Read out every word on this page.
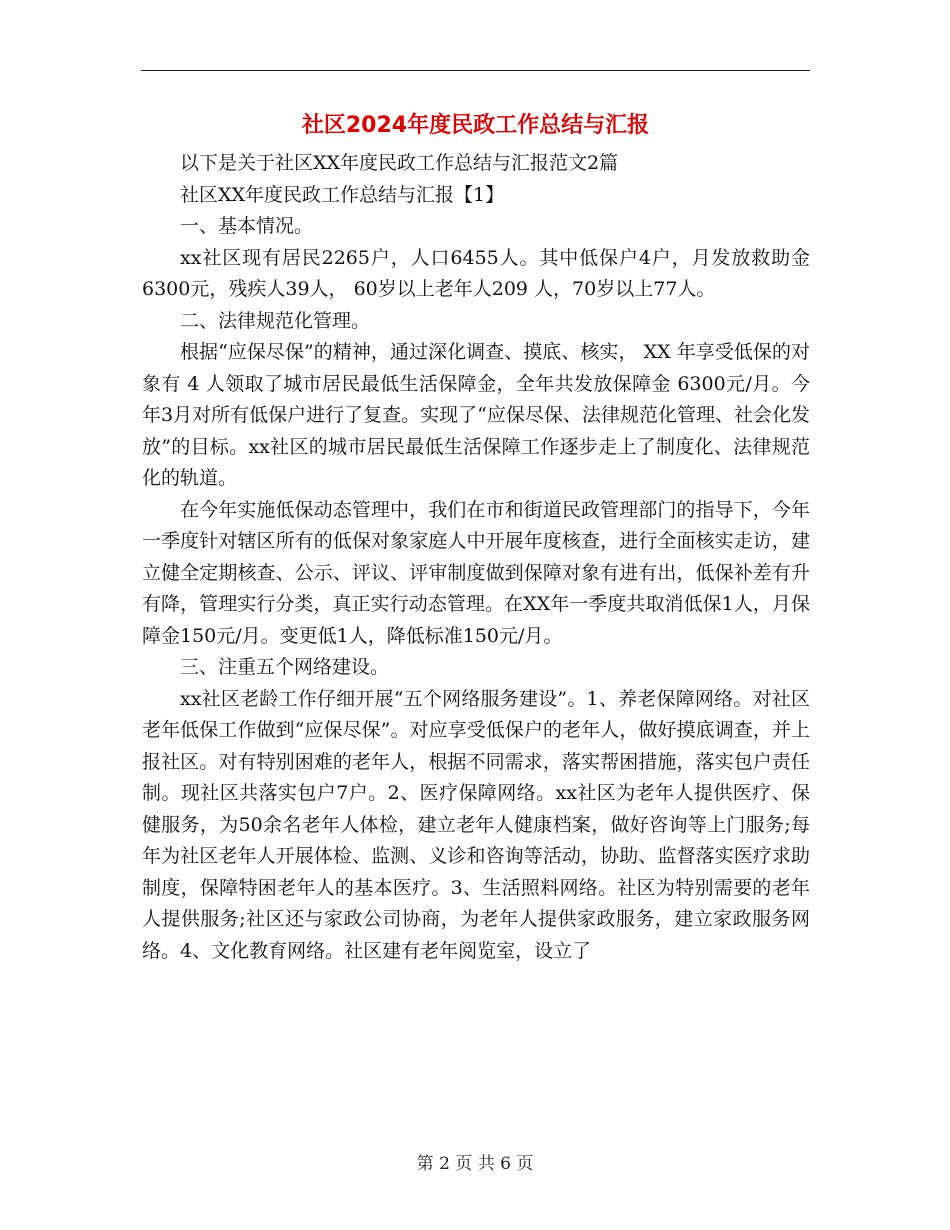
社区2024年度民政工作总结与汇报

以下是关于社区XX年度民政工作总结与汇报范文2篇

社区XX年度民政工作总结与汇报【1】

一、基本情况。

xx社区现有居民2265户，人口6455人。其中低保户4户，月发放救助金6300元，残疾人39人， 60岁以上老年人209 人，70岁以上77人。

二、法律规范化管理。

根据“应保尽保”的精神，通过深化调查、摸底、核实， XX 年享受低保的对象有 4 人领取了城市居民最低生活保障金，全年共发放保障金 6300元/月。今年3月对所有低保户进行了复查。实现了“应保尽保、法律规范化管理、社会化发放”的目标。xx社区的城市居民最低生活保障工作逐步走上了制度化、法律规范化的轨道。

在今年实施低保动态管理中，我们在市和街道民政管理部门的指导下，今年一季度针对辖区所有的低保对象家庭人中开展年度核查，进行全面核实走访，建立健全定期核查、公示、评议、评审制度做到保障对象有进有出，低保补差有升有降，管理实行分类，真正实行动态管理。在XX年一季度共取消低保1人，月保障金150元/月。变更低1人，降低标准150元/月。

三、注重五个网络建设。

xx社区老龄工作仔细开展“五个网络服务建设”。1、养老保障网络。对社区老年低保工作做到“应保尽保”。对应享受低保户的老年人，做好摸底调查，并上报社区。对有特别困难的老年人，根据不同需求，落实帮困措施，落实包户责任制。现社区共落实包户7户。2、医疗保障网络。xx社区为老年人提供医疗、保健服务，为50余名老年人体检，建立老年人健康档案，做好咨询等上门服务;每年为社区老年人开展体检、监测、义诊和咨询等活动，协助、监督落实医疗求助制度，保障特困老年人的基本医疗。3、生活照料网络。社区为特别需要的老年人提供服务;社区还与家政公司协商，为老年人提供家政服务，建立家政服务网络。4、文化教育网络。社区建有老年阅览室，设立了

第 2 页 共 6 页
